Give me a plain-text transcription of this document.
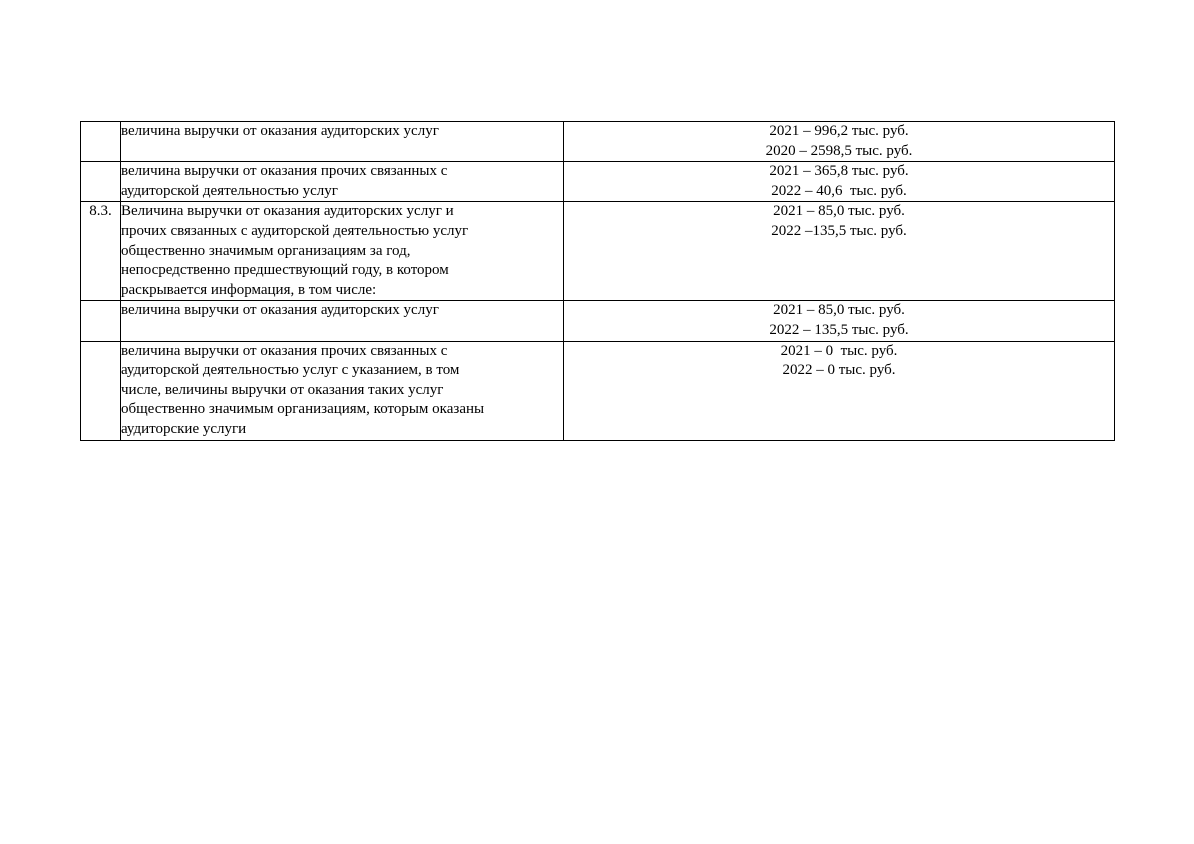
	величина выручки от оказания аудиторских услуг	2021 – 996,2 тыс. руб.
2020 – 2598,5 тыс. руб.

	величина выручки от оказания прочих связанных с
аудиторской деятельностью услуг	2021 – 365,8 тыс. руб.
2022 – 40,6  тыс. руб.

8.3.	Величина выручки от оказания аудиторских услуг и
прочих связанных с аудиторской деятельностью услуг
общественно значимым организациям за год,
непосредственно предшествующий году, в котором
раскрывается информация, в том числе:	2021 – 85,0 тыс. руб.
2022 –135,5 тыс. руб.

	величина выручки от оказания аудиторских услуг	2021 – 85,0 тыс. руб.
2022 – 135,5 тыс. руб.

	величина выручки от оказания прочих связанных с
аудиторской деятельностью услуг с указанием, в том
числе, величины выручки от оказания таких услуг
общественно значимым организациям, которым оказаны
аудиторские услуги	2021 – 0  тыс. руб.
2022 – 0 тыс. руб.
